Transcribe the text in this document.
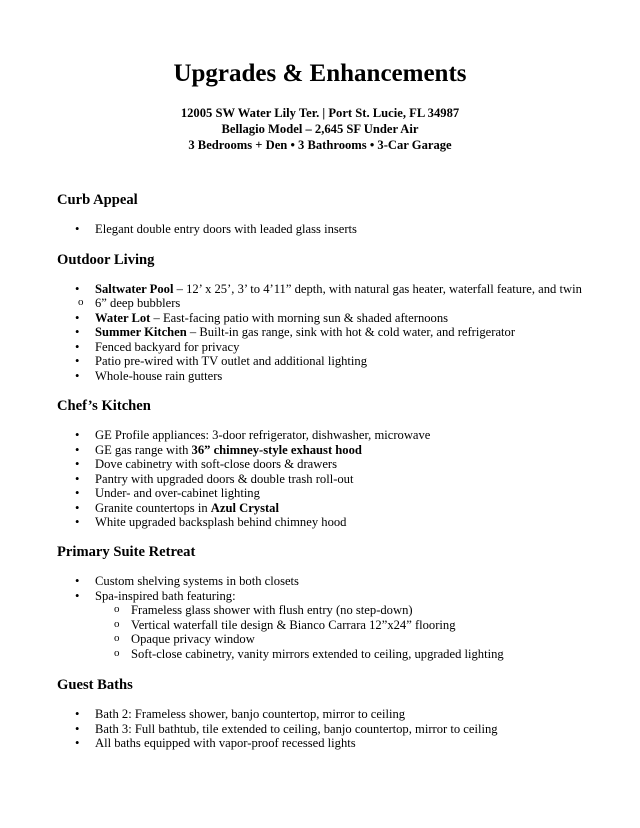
Upgrades & Enhancements
12005 SW Water Lily Ter. | Port St. Lucie, FL 34987
Bellagio Model – 2,645 SF Under Air
3 Bedrooms + Den • 3 Bathrooms • 3-Car Garage
Curb Appeal
• Elegant double entry doors with leaded glass inserts
Outdoor Living
• Saltwater Pool – 12’ x 25’, 3’ to 4’11” depth, with natural gas heater, waterfall feature, and twin
o 6” deep bubblers
• Water Lot – East-facing patio with morning sun & shaded afternoons
• Summer Kitchen – Built-in gas range, sink with hot & cold water, and refrigerator
• Fenced backyard for privacy
• Patio pre-wired with TV outlet and additional lighting
• Whole-house rain gutters
Chef’s Kitchen
• GE Profile appliances: 3-door refrigerator, dishwasher, microwave
• GE gas range with 36” chimney-style exhaust hood
• Dove cabinetry with soft-close doors & drawers
• Pantry with upgraded doors & double trash roll-out
• Under- and over-cabinet lighting
• Granite countertops in Azul Crystal
• White upgraded backsplash behind chimney hood
Primary Suite Retreat
• Custom shelving systems in both closets
• Spa-inspired bath featuring:
o Frameless glass shower with flush entry (no step-down)
o Vertical waterfall tile design & Bianco Carrara 12”x24” flooring
o Opaque privacy window
o Soft-close cabinetry, vanity mirrors extended to ceiling, upgraded lighting
Guest Baths
• Bath 2: Frameless shower, banjo countertop, mirror to ceiling
• Bath 3: Full bathtub, tile extended to ceiling, banjo countertop, mirror to ceiling
• All baths equipped with vapor-proof recessed lights
